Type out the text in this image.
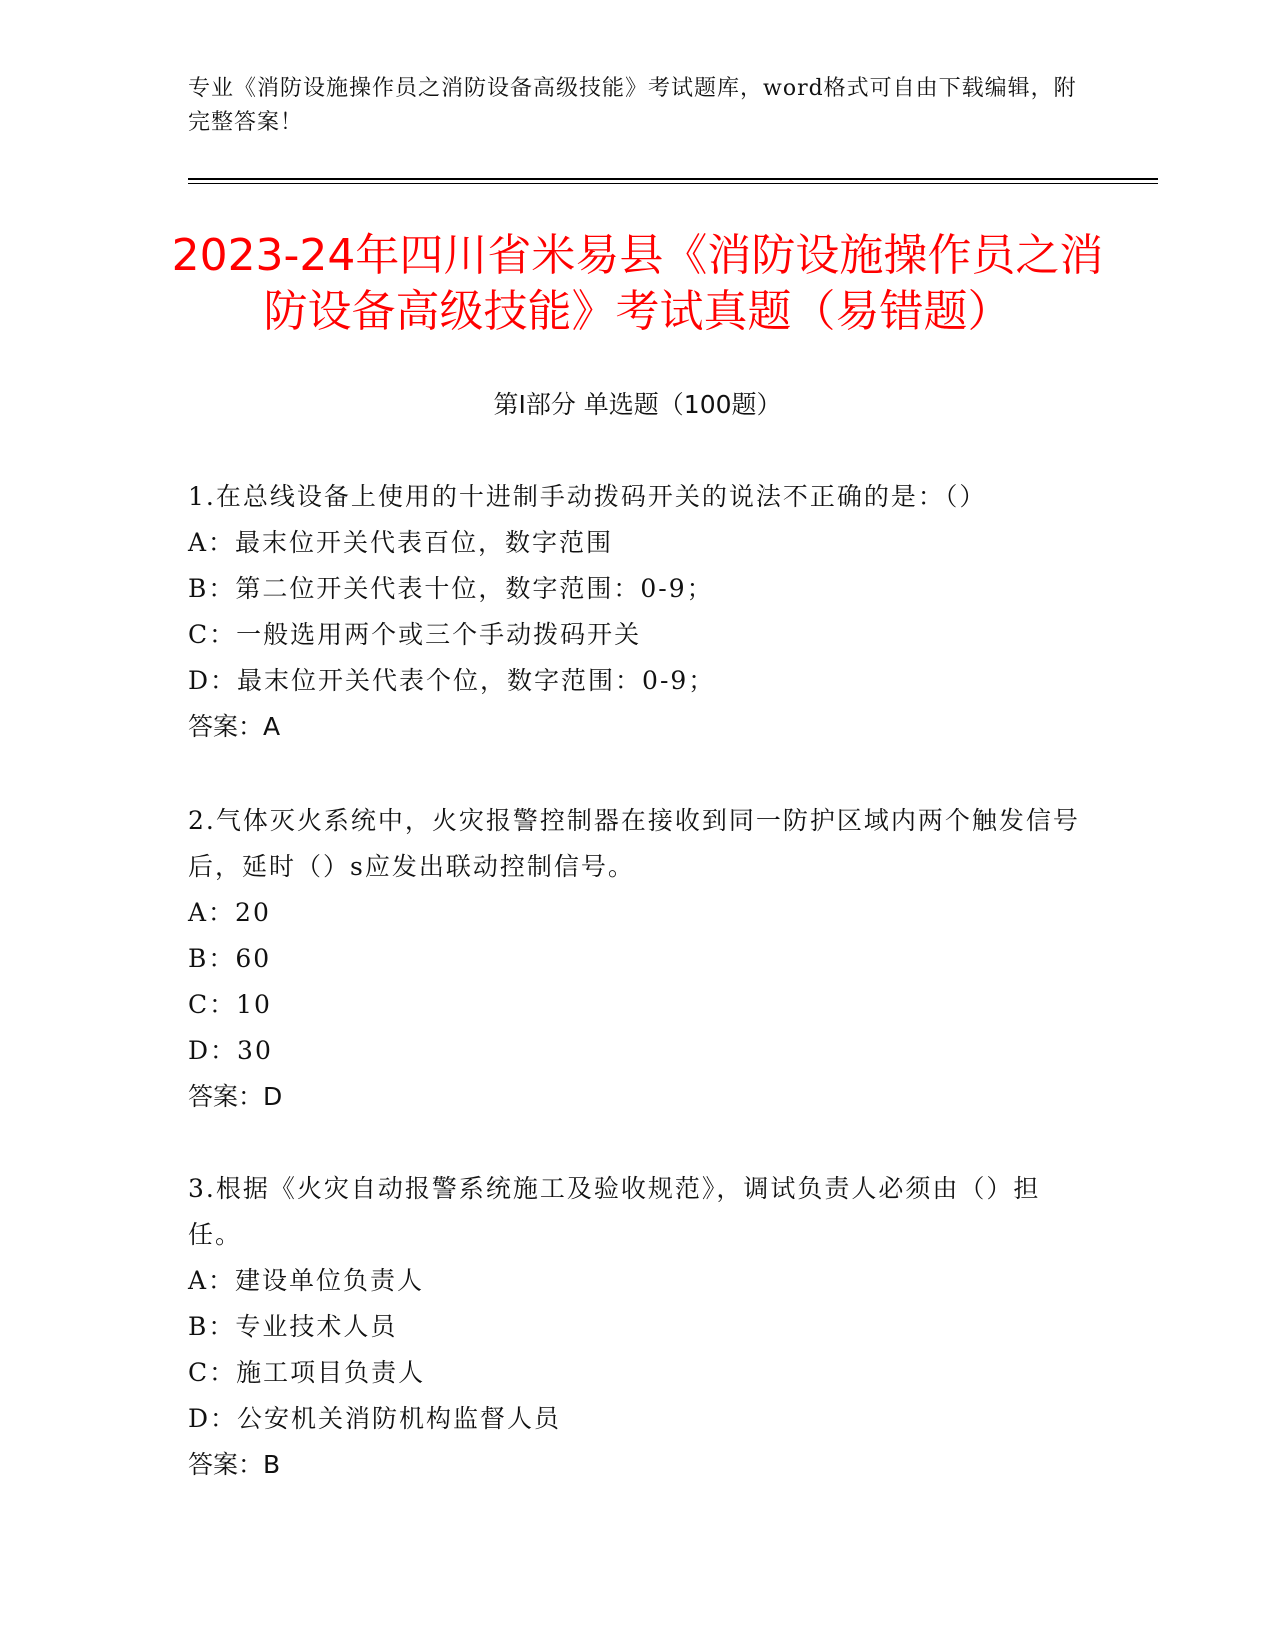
专业《消防设施操作员之消防设备高级技能》考试题库，word格式可自由下载编辑，附完整答案！
2023-24年四川省米易县《消防设施操作员之消防设备高级技能》考试真题（易错题）
第I部分 单选题（100题）

1.在总线设备上使用的十进制手动拨码开关的说法不正确的是：（）

A：最末位开关代表百位，数字范围

B：第二位开关代表十位，数字范围：0-9；

C：一般选用两个或三个手动拨码开关

D：最末位开关代表个位，数字范围：0-9；

答案：A

2.气体灭火系统中，火灾报警控制器在接收到同一防护区域内两个触发信号后，延时（）s应发出联动控制信号。

A：20

B：60

C：10

D：30

答案：D

3.根据《火灾自动报警系统施工及验收规范》，调试负责人必须由（）担任。

A：建设单位负责人

B：专业技术人员

C：施工项目负责人

D：公安机关消防机构监督人员

答案：B
